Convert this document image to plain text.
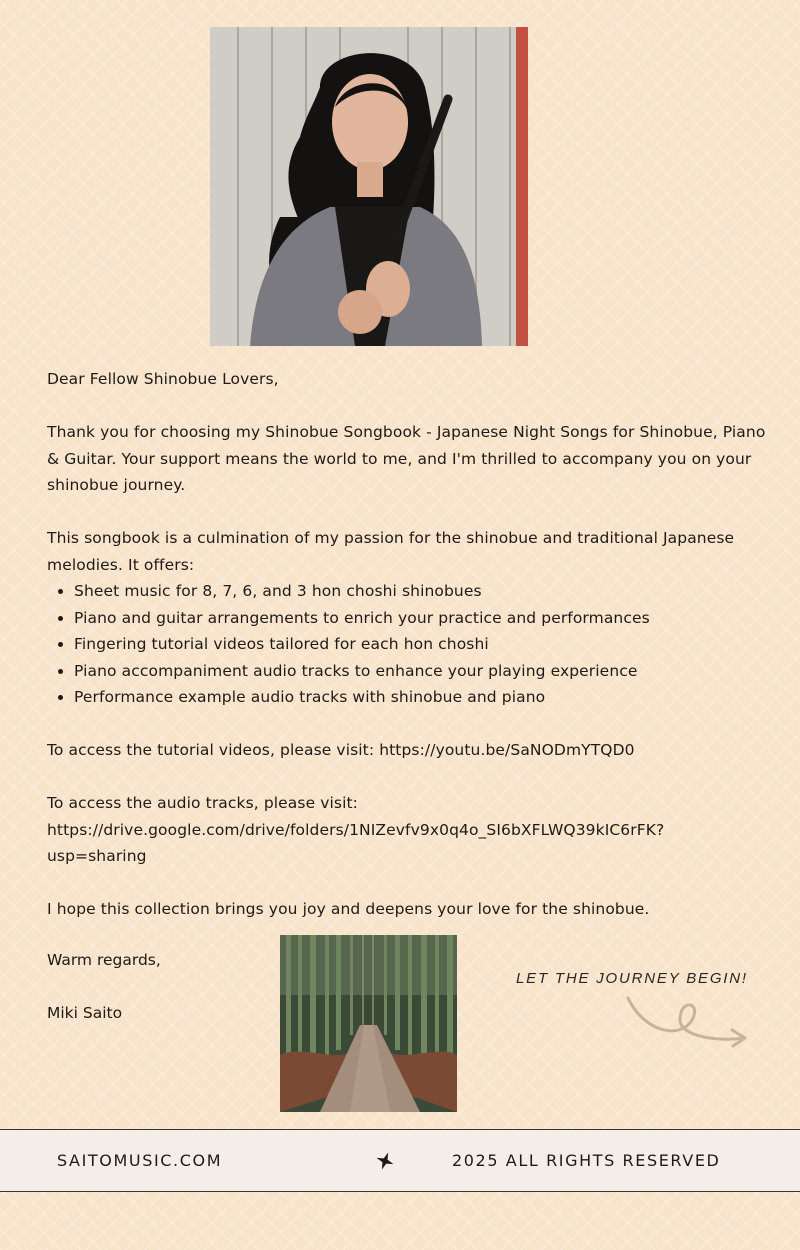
Dear Fellow Shinobue Lovers,

Thank you for choosing my Shinobue Songbook - Japanese Night Songs for Shinobue, Piano & Guitar. Your support means the world to me, and I'm thrilled to accompany you on your shinobue journey.

This songbook is a culmination of my passion for the shinobue and traditional Japanese melodies. It offers:

• Sheet music for 8, 7, 6, and 3 hon choshi shinobues
• Piano and guitar arrangements to enrich your practice and performances
• Fingering tutorial videos tailored for each hon choshi
• Piano accompaniment audio tracks to enhance your playing experience
• Performance example audio tracks with shinobue and piano

To access the tutorial videos, please visit: https://youtu.be/SaNODmYTQD0

To access the audio tracks, please visit:
https://drive.google.com/drive/folders/1NIZevfv9x0q4o_SI6bXFLWQ39kIC6rFK?
usp=sharing

I hope this collection brings you joy and deepens your love for the shinobue.

Warm regards,
Miki Saito
LET THE JOURNEY BEGIN!
SAITOMUSIC.COM	2025 ALL RIGHTS RESERVED
